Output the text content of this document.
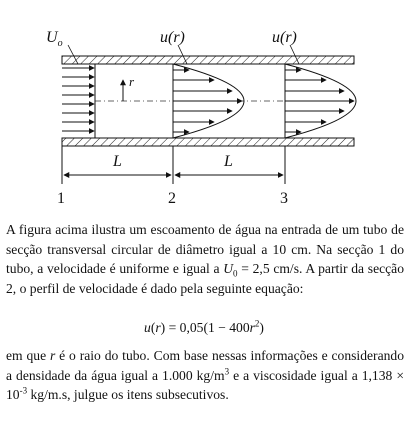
r
$U_o$	u(r)	u(r)
L	L
1	2	3

A figura acima ilustra um escoamento de água na entrada de um tubo de secção transversal circular de diâmetro igual a 10 cm. Na secção 1 do tubo, a velocidade é uniforme e igual a $U_0 = 2,5$ cm/s. A partir da secção 2, o perfil de velocidade é dado pela seguinte equação:

$u(r) = 0,05(1 - 400r^2)$

em que r é o raio do tubo. Com base nessas informações e considerando a densidade da água igual a 1.000 $kg/m^3$ e a viscosidade igual a $1,138 \times 10^{-3}$ kg/m.s, julgue os itens subsecutivos.
